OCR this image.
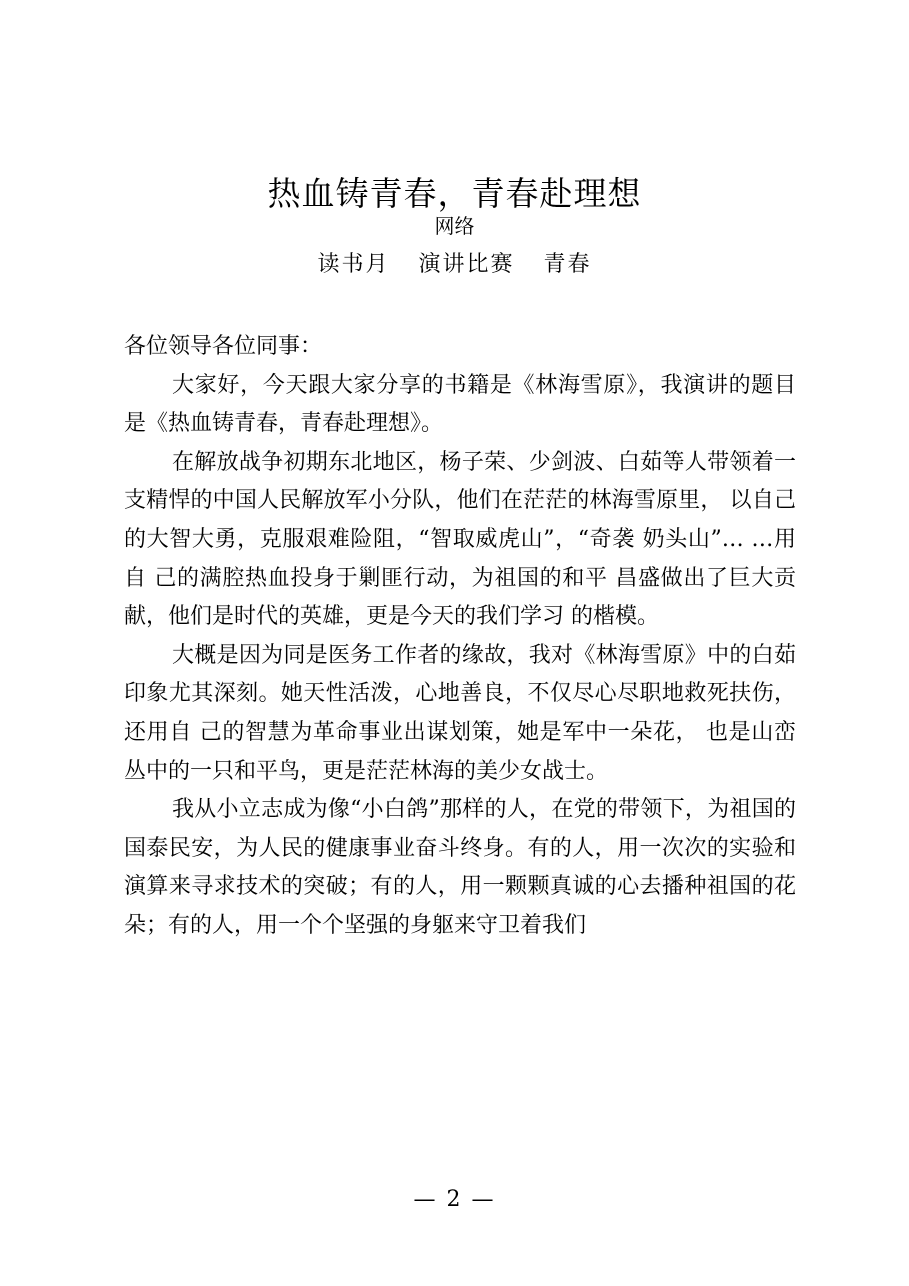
热血铸青春，青春赴理想
网络
读书月 演讲比赛 青春

各位领导各位同事：

大家好，今天跟大家分享的书籍是《林海雪原》，我演讲的题目是《热血铸青春，青春赴理想》。

在解放战争初期东北地区，杨子荣、少剑波、白茹等人带领着一支精悍的中国人民解放军小分队，他们在茫茫的林海雪原里， 以自己的大智大勇，克服艰难险阻，“智取威虎山”，“奇袭 奶头山”… …用 自 己的满腔热血投身于剿匪行动，为祖国的和平 昌盛做出了巨大贡献，他们是时代的英雄，更是今天的我们学习 的楷模。

大概是因为同是医务工作者的缘故，我对《林海雪原》中的白茹印象尤其深刻。她天性活泼，心地善良，不仅尽心尽职地救死扶伤，还用自 己的智慧为革命事业出谋划策，她是军中一朵花， 也是山峦丛中的一只和平鸟，更是茫茫林海的美少女战士。

我从小立志成为像“小白鸽”那样的人，在党的带领下，为祖国的国泰民安，为人民的健康事业奋斗终身。有的人，用一次次的实验和演算来寻求技术的突破；有的人，用一颗颗真诚的心去播种祖国的花朵；有的人，用一个个坚强的身躯来守卫着我们

— 2 —
